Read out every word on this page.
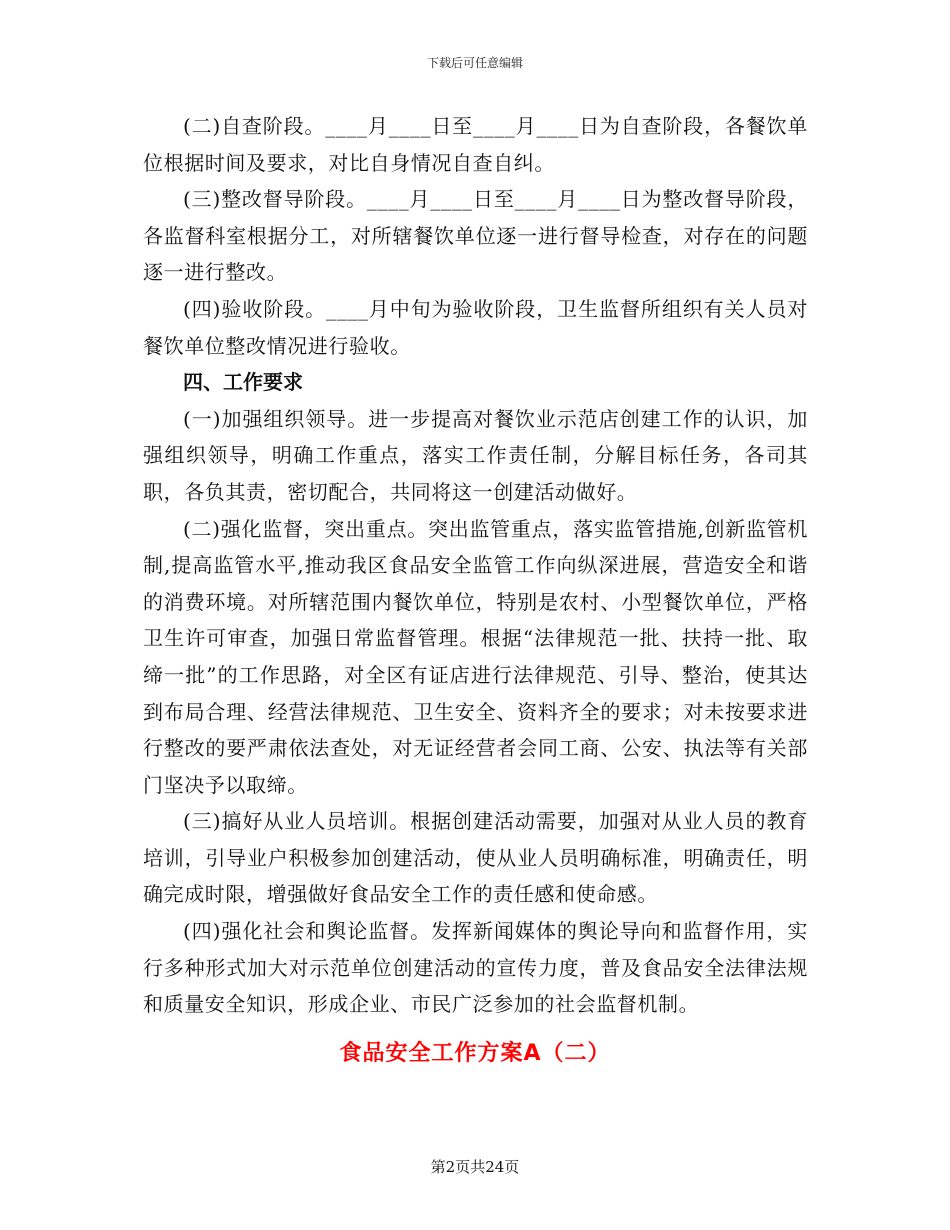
下载后可任意编辑

(二)自查阶段。____月____日至____月____日为自查阶段，各餐饮单位根据时间及要求，对比自身情况自查自纠。

(三)整改督导阶段。____月____日至____月____日为整改督导阶段，各监督科室根据分工，对所辖餐饮单位逐一进行督导检查，对存在的问题逐一进行整改。

(四)验收阶段。____月中旬为验收阶段，卫生监督所组织有关人员对餐饮单位整改情况进行验收。

四、工作要求

(一)加强组织领导。进一步提高对餐饮业示范店创建工作的认识，加强组织领导，明确工作重点，落实工作责任制，分解目标任务，各司其职，各负其责，密切配合，共同将这一创建活动做好。

(二)强化监督，突出重点。突出监管重点，落实监管措施,创新监管机制,提高监管水平,推动我区食品安全监管工作向纵深进展，营造安全和谐的消费环境。对所辖范围内餐饮单位，特别是农村、小型餐饮单位，严格卫生许可审查，加强日常监督管理。根据“法律规范一批、扶持一批、取缔一批”的工作思路，对全区有证店进行法律规范、引导、整治，使其达到布局合理、经营法律规范、卫生安全、资料齐全的要求；对未按要求进行整改的要严肃依法查处，对无证经营者会同工商、公安、执法等有关部门坚决予以取缔。

(三)搞好从业人员培训。根据创建活动需要，加强对从业人员的教育培训，引导业户积极参加创建活动，使从业人员明确标准，明确责任，明确完成时限，增强做好食品安全工作的责任感和使命感。

(四)强化社会和舆论监督。发挥新闻媒体的舆论导向和监督作用，实行多种形式加大对示范单位创建活动的宣传力度，普及食品安全法律法规和质量安全知识，形成企业、市民广泛参加的社会监督机制。

食品安全工作方案A（二）
第2页共24页
